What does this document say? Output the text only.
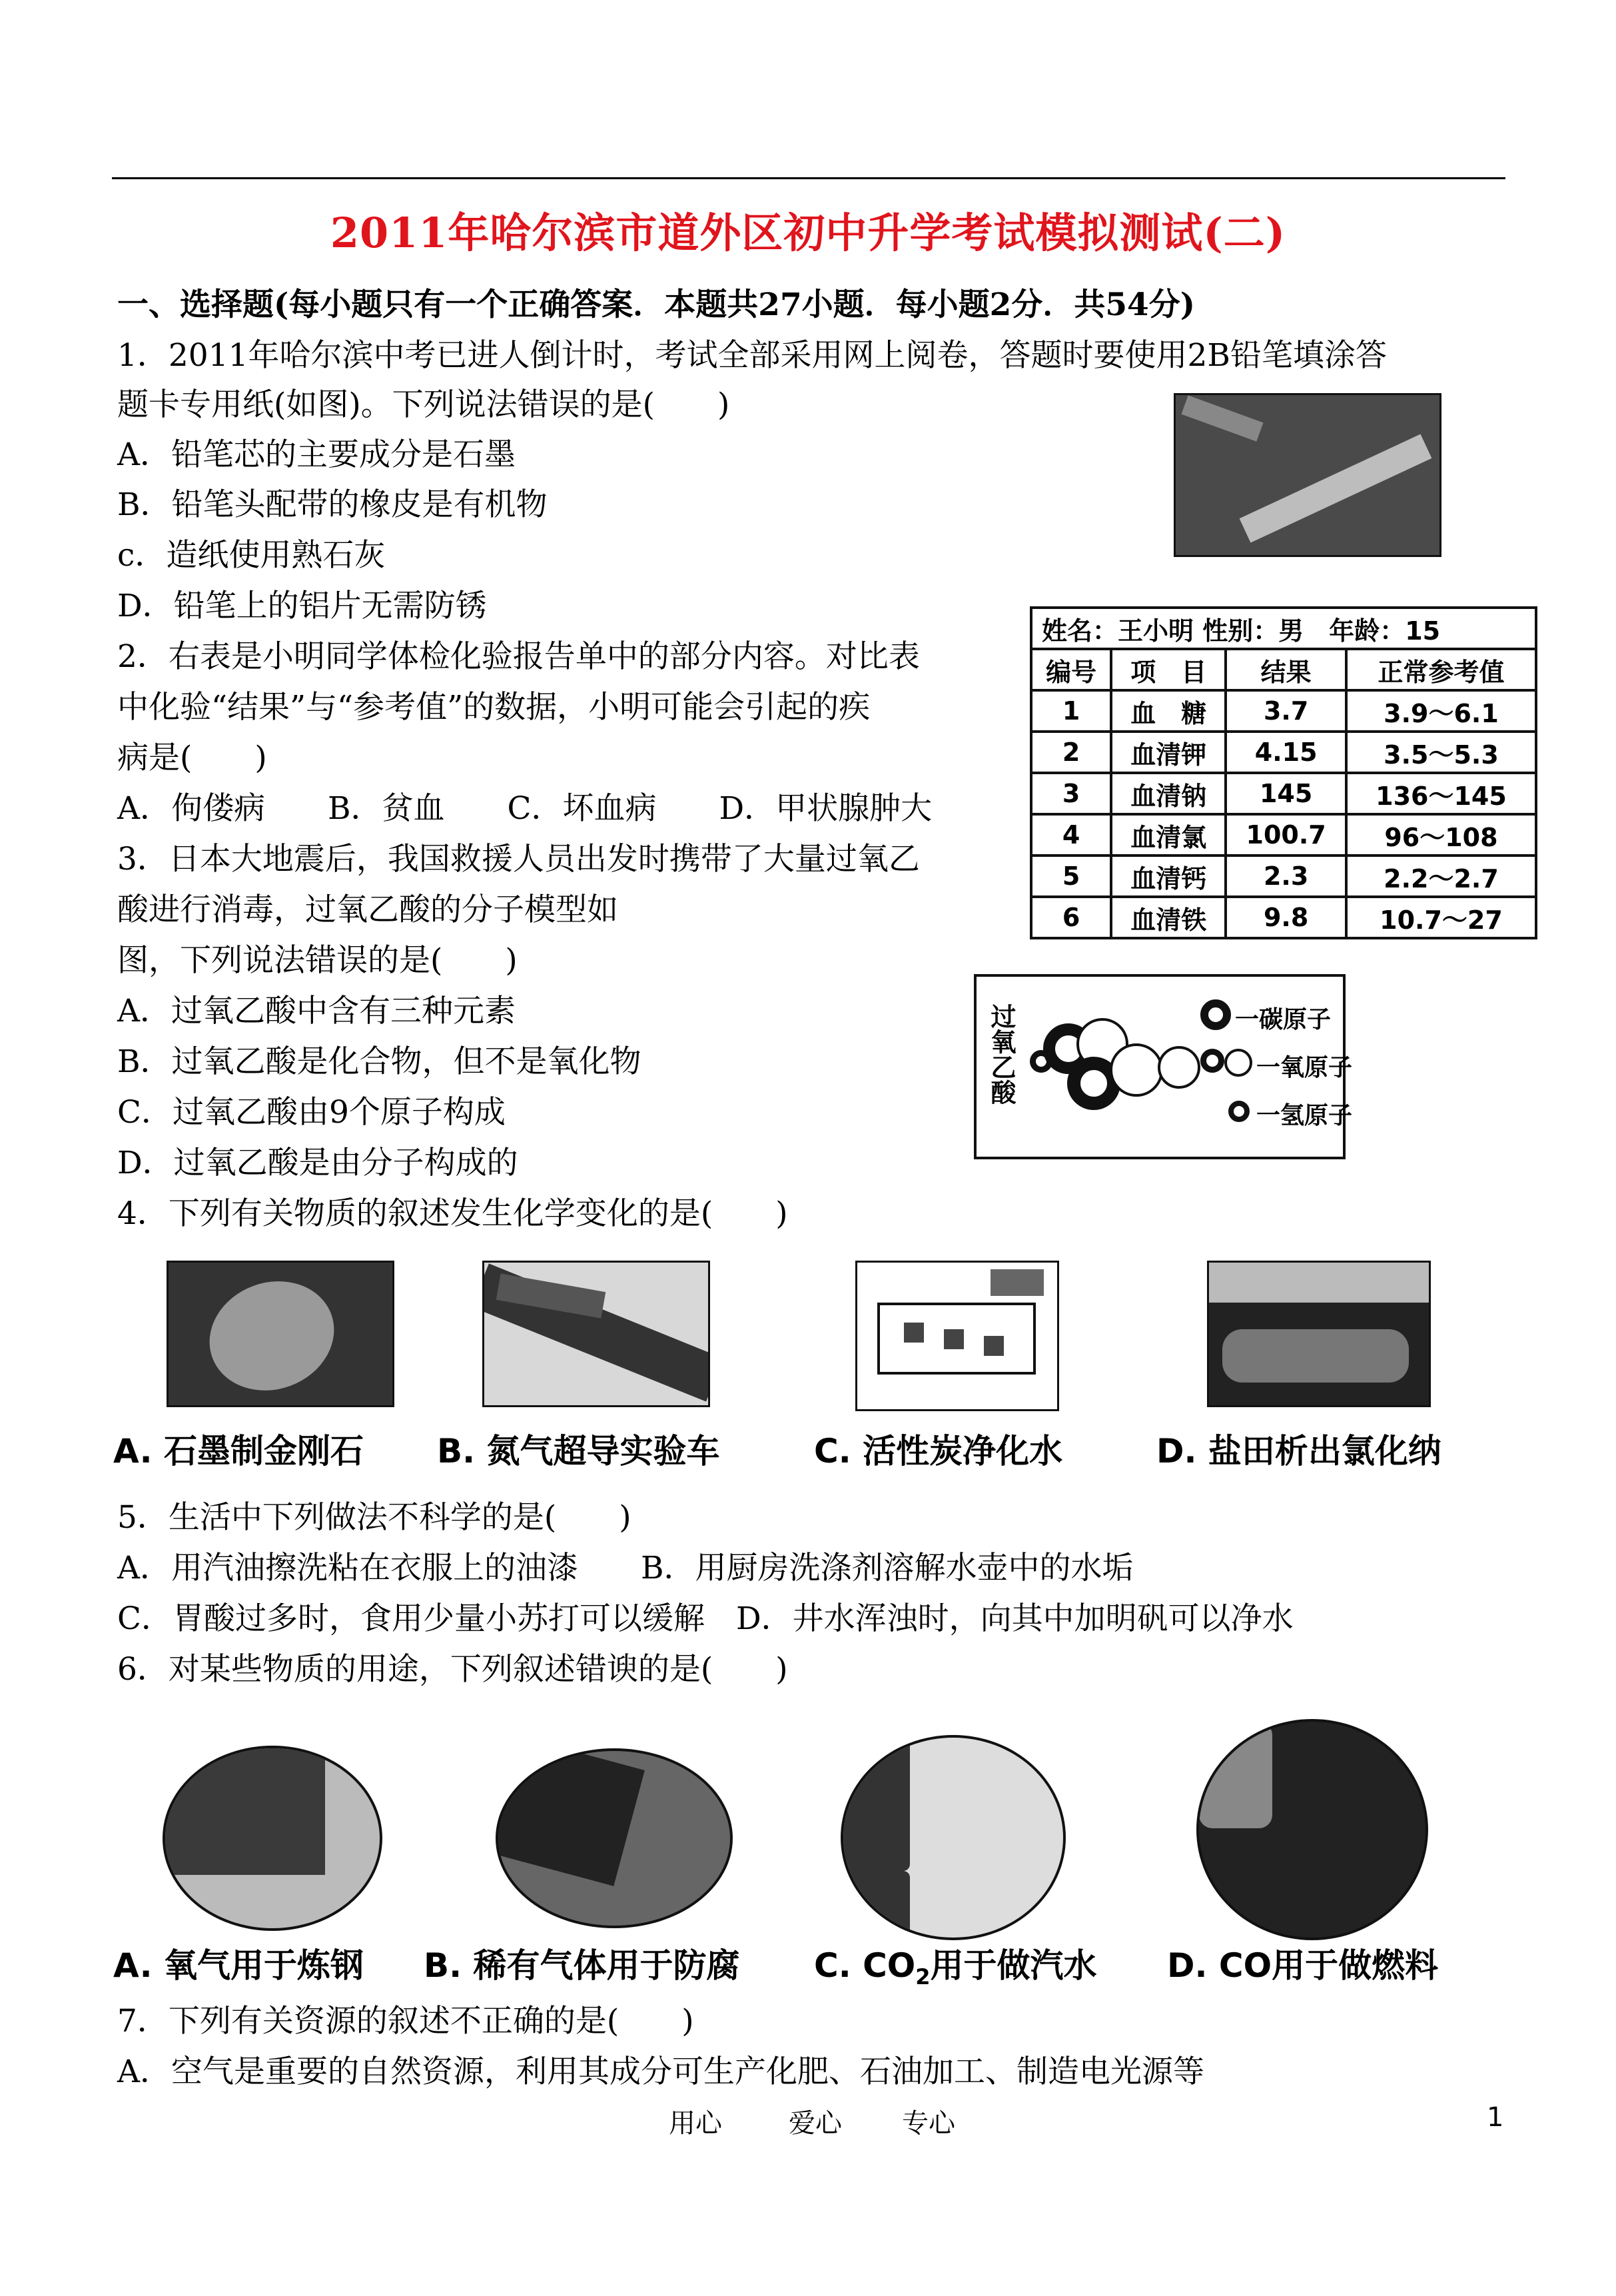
2011年哈尔滨市道外区初中升学考试模拟测试(二)
一、选择题(每小题只有一个正确答案．本题共27小题．每小题2分．共54分)
1．2011年哈尔滨中考已进人倒计时，考试全部采用网上阅卷，答题时要使用2B铅笔填涂答
题卡专用纸(如图)。下列说法错误的是(　　)
A．铅笔芯的主要成分是石墨
B．铅笔头配带的橡皮是有机物
c．造纸使用熟石灰
D．铅笔上的铝片无需防锈
2．右表是小明同学体检化验报告单中的部分内容。对比表
中化验“结果”与“参考值”的数据，小明可能会引起的疾
病是(　　)
A．佝偻病　　B．贫血　　C．坏血病　　D．甲状腺肿大
姓名：王小明 性别：男　年龄：15			
编号	项　目	结果	正常参考值
1	血　糖	3.7	3.9～6.1
2	血清钾	4.15	3.5～5.3
3	血清钠	145	136～145
4	血清氯	100.7	96～108
5	血清钙	2.3	2.2～2.7
6	血清铁	9.8	10.7～27
3．日本大地震后，我国救援人员出发时携带了大量过氧乙
酸进行消毒，过氧乙酸的分子模型如
图，下列说法错误的是(　　)
A．过氧乙酸中含有三种元素
B．过氧乙酸是化合物，但不是氧化物
C．过氧乙酸由9个原子构成
D．过氧乙酸是由分子构成的
过氧乙酸	一碳原子
一氧原子
一氢原子
4．下列有关物质的叙述发生化学变化的是(　　)
A. 石墨制金刚石 B. 氮气超导实验车	C. 活性炭净化水	D. 盐田析出氯化纳
5．生活中下列做法不科学的是(　　)
A．用汽油擦洗粘在衣服上的油漆　　B．用厨房洗涤剂溶解水壶中的水垢
C．胃酸过多时，食用少量小苏打可以缓解　D．井水浑浊时，向其中加明矾可以净水
6．对某些物质的用途，下列叙述错谀的是(　　)
A. 氧气用于炼钢 B. 稀有气体用于防腐 C. $CO_2$用于做汽水 D. CO用于做燃料
7．下列有关资源的叙述不正确的是(　　)
A．空气是重要的自然资源，利用其成分可生产化肥、石油加工、制造电光源等
用心	爱心 专心	1
